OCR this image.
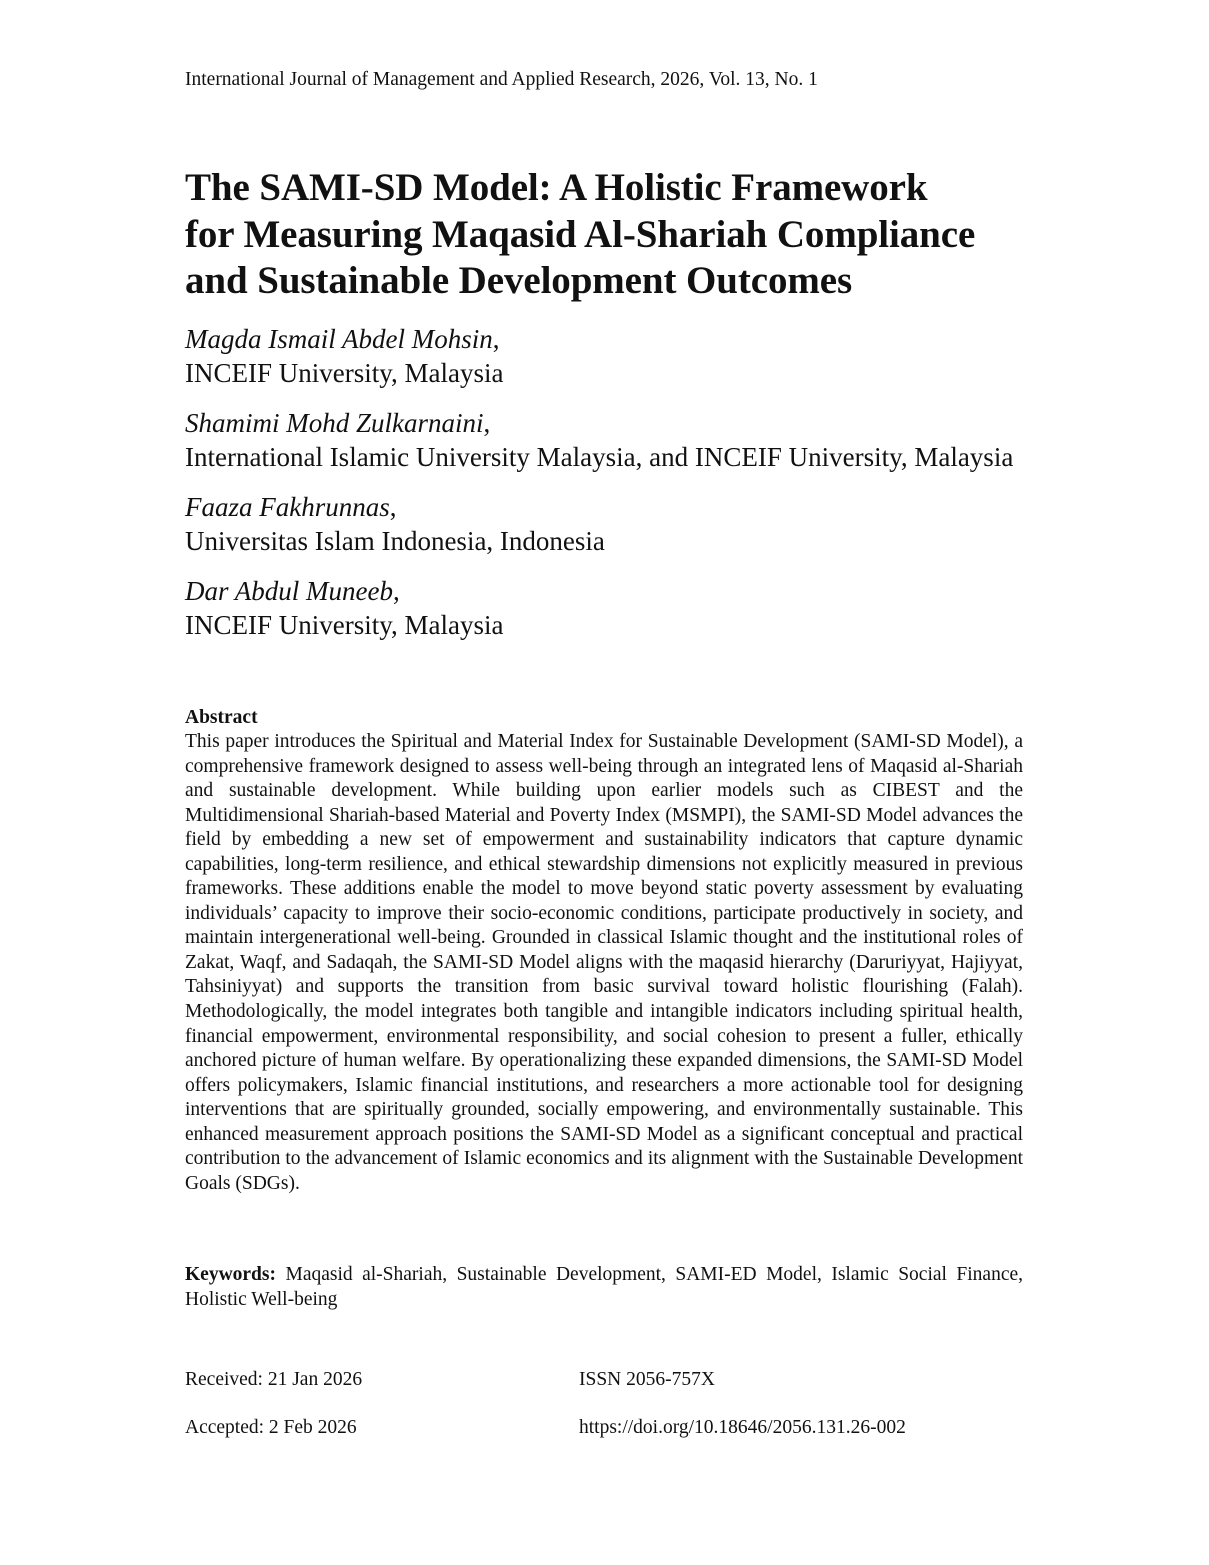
International Journal of Management and Applied Research, 2026, Vol. 13, No. 1
The SAMI-SD Model: A Holistic Framework
for Measuring Maqasid Al-Shariah Compliance
and Sustainable Development Outcomes

Magda Ismail Abdel Mohsin,
INCEIF University, Malaysia

Shamimi Mohd Zulkarnaini,
International Islamic University Malaysia, and INCEIF University, Malaysia

Faaza Fakhrunnas,
Universitas Islam Indonesia, Indonesia

Dar Abdul Muneeb,
INCEIF University, Malaysia

Abstract

This paper introduces the Spiritual and Material Index for Sustainable Development (SAMI-SD Model), a comprehensive framework designed to assess well-being through an integrated lens of Maqasid al-Shariah and sustainable development. While building upon earlier models such as CIBEST and the Multidimensional Shariah-based Material and Poverty Index (MSMPI), the SAMI-SD Model advances the field by embedding a new set of empowerment and sustainability indicators that capture dynamic capabilities, long-term resilience, and ethical stewardship dimensions not explicitly measured in previous frameworks. These additions enable the model to move beyond static poverty assessment by evaluating individuals’ capacity to improve their socio-economic conditions, participate productively in society, and maintain intergenerational well-being. Grounded in classical Islamic thought and the institutional roles of Zakat, Waqf, and Sadaqah, the SAMI-SD Model aligns with the maqasid hierarchy (Daruriyyat, Hajiyyat, Tahsiniyyat) and supports the transition from basic survival toward holistic flourishing (Falah). Methodologically, the model integrates both tangible and intangible indicators including spiritual health, financial empowerment, environmental responsibility, and social cohesion to present a fuller, ethically anchored picture of human welfare. By operationalizing these expanded dimensions, the SAMI-SD Model offers policymakers, Islamic financial institutions, and researchers a more actionable tool for designing interventions that are spiritually grounded, socially empowering, and environmentally sustainable. This enhanced measurement approach positions the SAMI-SD Model as a significant conceptual and practical contribution to the advancement of Islamic economics and its alignment with the Sustainable Development Goals (SDGs).

Keywords: Maqasid al-Shariah, Sustainable Development, SAMI-ED Model, Islamic Social Finance, Holistic Well-being

Received: 21 Jan 2026
Accepted: 2 Feb 2026
ISSN 2056-757X
https://doi.org/10.18646/2056.131.26-002
